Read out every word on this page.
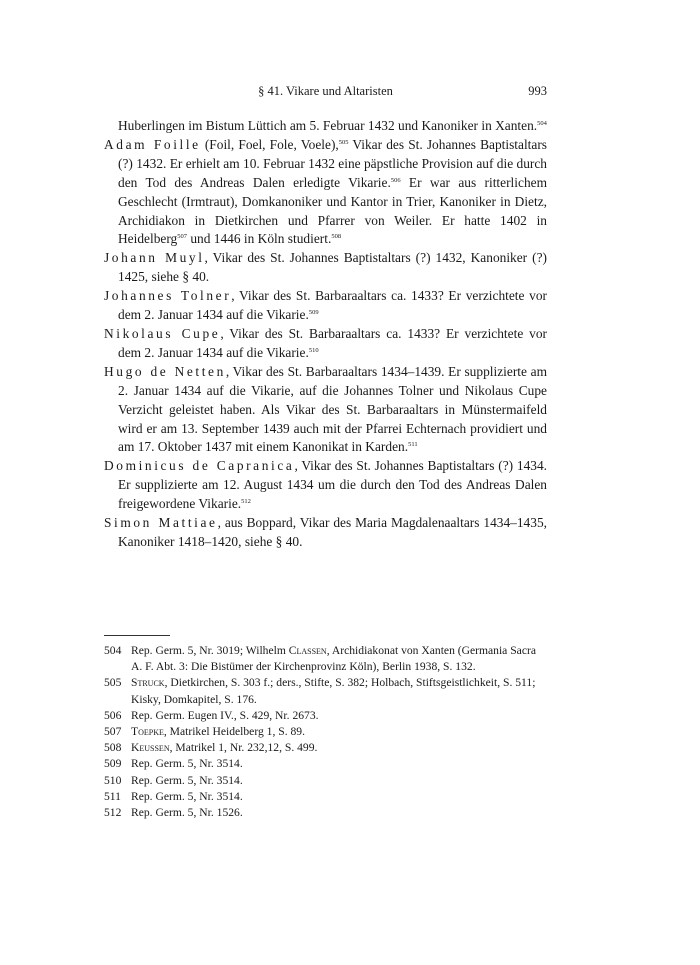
§ 41. Vikare und Altaristen	993

Huberlingen im Bistum Lüttich am 5. Februar 1432 und Kanoniker in Xanten.$^{504}$

Adam Foille (Foil, Foel, Fole, Voele),$^{505}$ Vikar des St. Johannes Baptistaltars (?) 1432. Er erhielt am 10. Februar 1432 eine päpstliche Provision auf die durch den Tod des Andreas Dalen erledigte Vikarie.$^{506}$ Er war aus ritterlichem Geschlecht (Irmtraut), Domkanoniker und Kantor in Trier, Kanoniker in Dietz, Archidiakon in Dietkirchen und Pfarrer von Weiler. Er hatte 1402 in Heidelberg$^{507}$ und 1446 in Köln studiert.$^{508}$

Johann Muyl, Vikar des St. Johannes Baptistaltars (?) 1432, Kanoniker (?) 1425, siehe § 40.

Johannes Tolner, Vikar des St. Barbaraaltars ca. 1433? Er verzichtete vor dem 2. Januar 1434 auf die Vikarie.$^{509}$

Nikolaus Cupe, Vikar des St. Barbaraaltars ca. 1433? Er verzichtete vor dem 2. Januar 1434 auf die Vikarie.$^{510}$

Hugo de Netten, Vikar des St. Barbaraaltars 1434–1439. Er supplizierte am 2. Januar 1434 auf die Vikarie, auf die Johannes Tolner und Nikolaus Cupe Verzicht geleistet haben. Als Vikar des St. Barbaraaltars in Münstermaifeld wird er am 13. September 1439 auch mit der Pfarrei Echternach providiert und am 17. Oktober 1437 mit einem Kanonikat in Karden.$^{511}$

Dominicus de Capranica, Vikar des St. Johannes Baptistaltars (?) 1434. Er supplizierte am 12. August 1434 um die durch den Tod des Andreas Dalen freigewordene Vikarie.$^{512}$

Simon Mattiae, aus Boppard, Vikar des Maria Magdalenaaltars 1434–1435, Kanoniker 1418–1420, siehe § 40.

504 Rep. Germ. 5, Nr. 3019; Wilhelm Classen, Archidiakonat von Xanten (Germania Sacra A. F. Abt. 3: Die Bistümer der Kirchenprovinz Köln), Berlin 1938, S. 132.
505 Struck, Dietkirchen, S. 303 f.; ders., Stifte, S. 382; Holbach, Stiftsgeistlichkeit, S. 511; Kisky, Domkapitel, S. 176.
506 Rep. Germ. Eugen IV., S. 429, Nr. 2673.
507 Toepke, Matrikel Heidelberg 1, S. 89.
508 Keussen, Matrikel 1, Nr. 232,12, S. 499.
509 Rep. Germ. 5, Nr. 3514.
510 Rep. Germ. 5, Nr. 3514.
511 Rep. Germ. 5, Nr. 3514.
512 Rep. Germ. 5, Nr. 1526.
